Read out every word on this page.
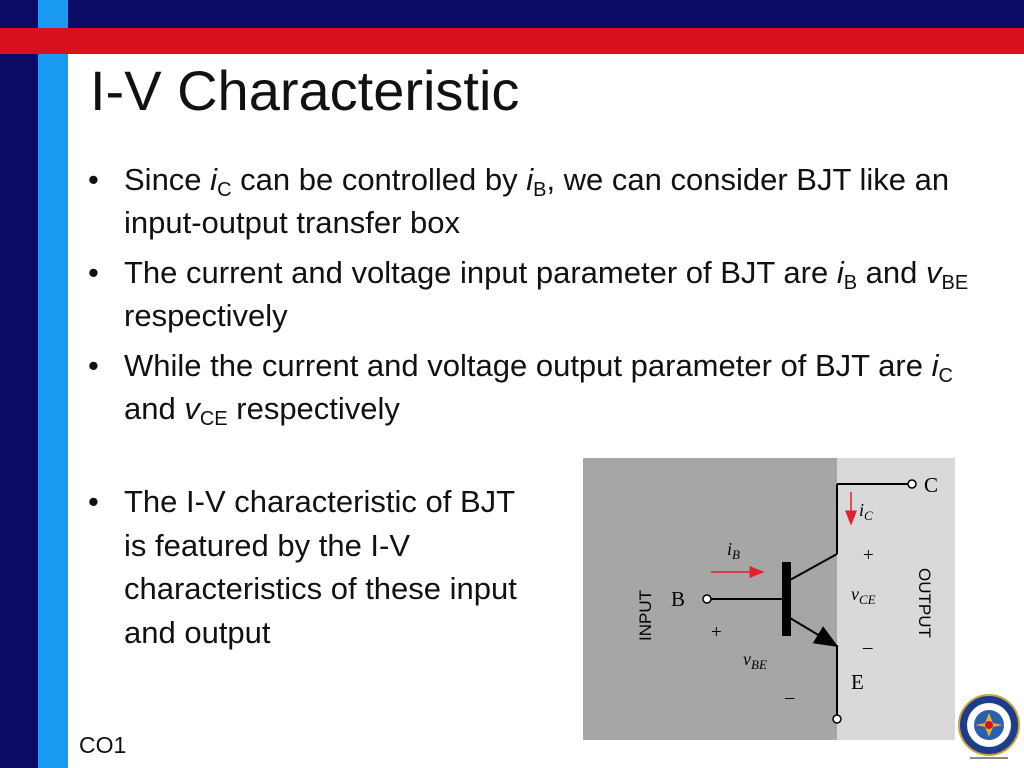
I-V Characteristic
• Since $i_C$ can be controlled by $i_B$, we can consider BJT like an input-output transfer box
• The current and voltage input parameter of BJT are $i_B$ and $v_{BE}$ respectively
• While the current and voltage output parameter of BJT are $i_C$ and $v_{CE}$ respectively
• The I-V characteristic of BJT is featured by the I-V characteristics of these input and output
C
B
E
$i_C$
$i_B$
$v_{CE}$
$v_{BE}$
+
–
+
–
INPUT	OUTPUT
CO1
